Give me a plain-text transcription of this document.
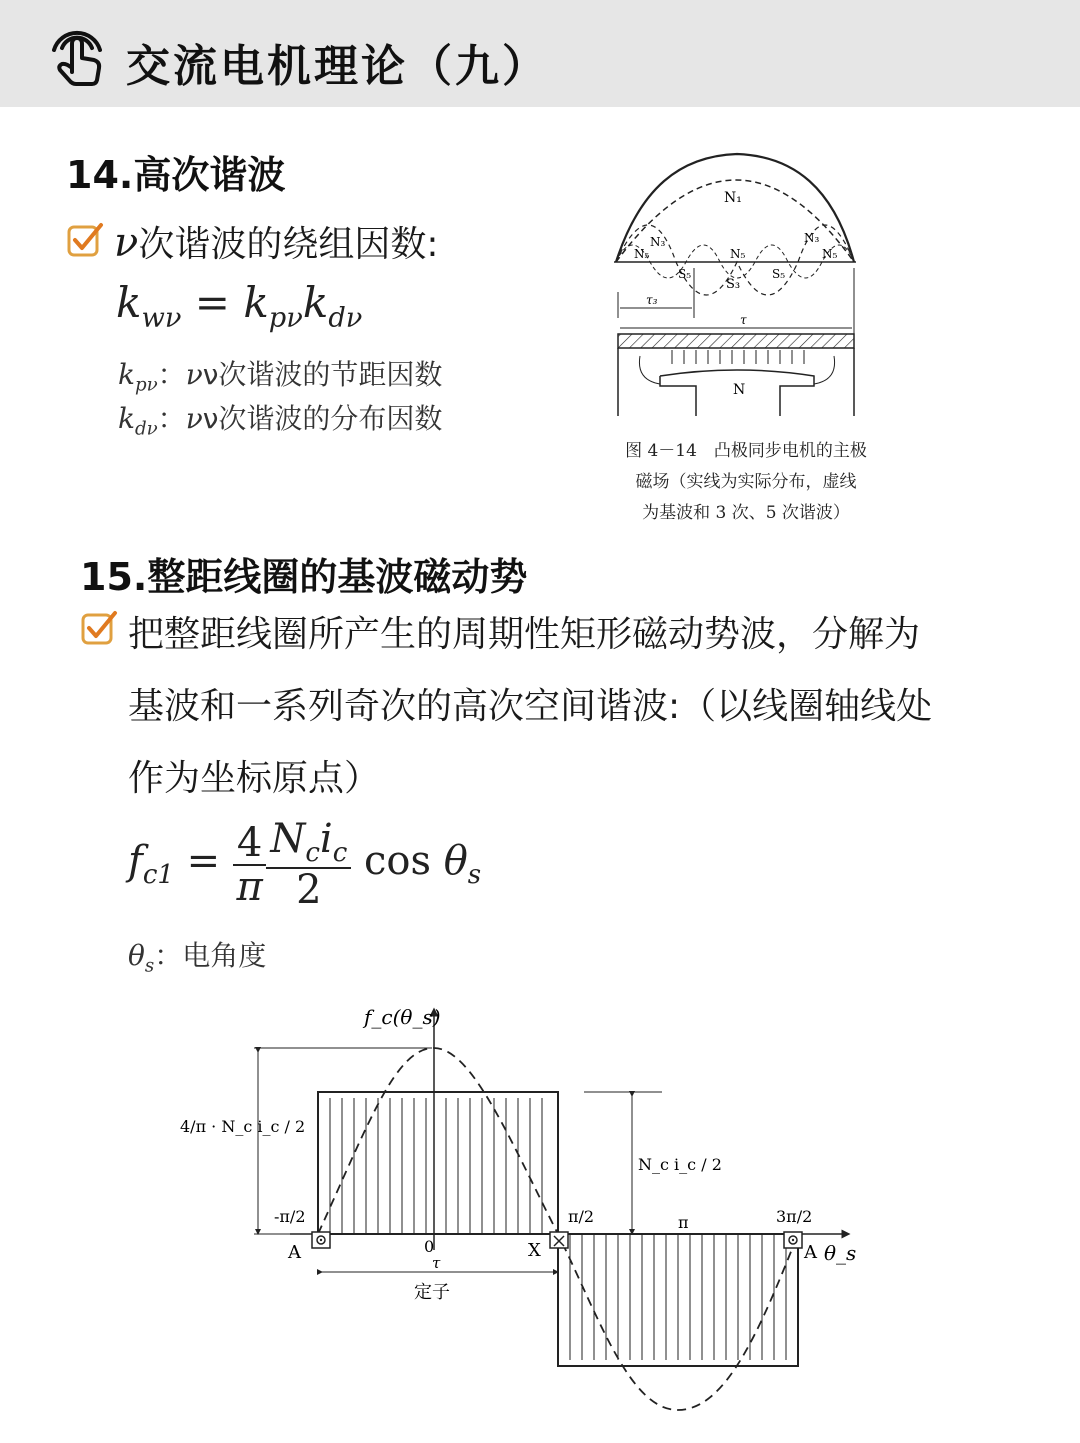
交流电机理论（九）
14.高次谐波
ν次谐波的绕组因数:
$k_{w\nu} = k_{p\nu}k_{d\nu}$
$k_{p\nu}$：νν次谐波的节距因数
$k_{d\nu}$：νν次谐波的分布因数
N₁
N₃	N₃
N₅	N₅	N₅
S₅	S₅
S₃
τ₃
τ
N
图 4－14　凸极同步电机的主极
磁场（实线为实际分布，虚线
为基波和 3 次、5 次谐波）
15.整距线圈的基波磁动势
把整距线圈所产生的周期性矩形磁动势波，分解为
基波和一系列奇次的高次空间谐波:（以线圈轴线处
作为坐标原点）
$f_{c1} = \frac{4}{\pi} \frac{N_ci_c}{2}$ $\cos \theta_s$
$\theta_s$：电角度
f_c(θ_s)
θ_s
4/π · N_c i_c / 2
N_c i_c / 2
-π/2
0
π/2	π	3π/2
A	X	A
τ
定子
